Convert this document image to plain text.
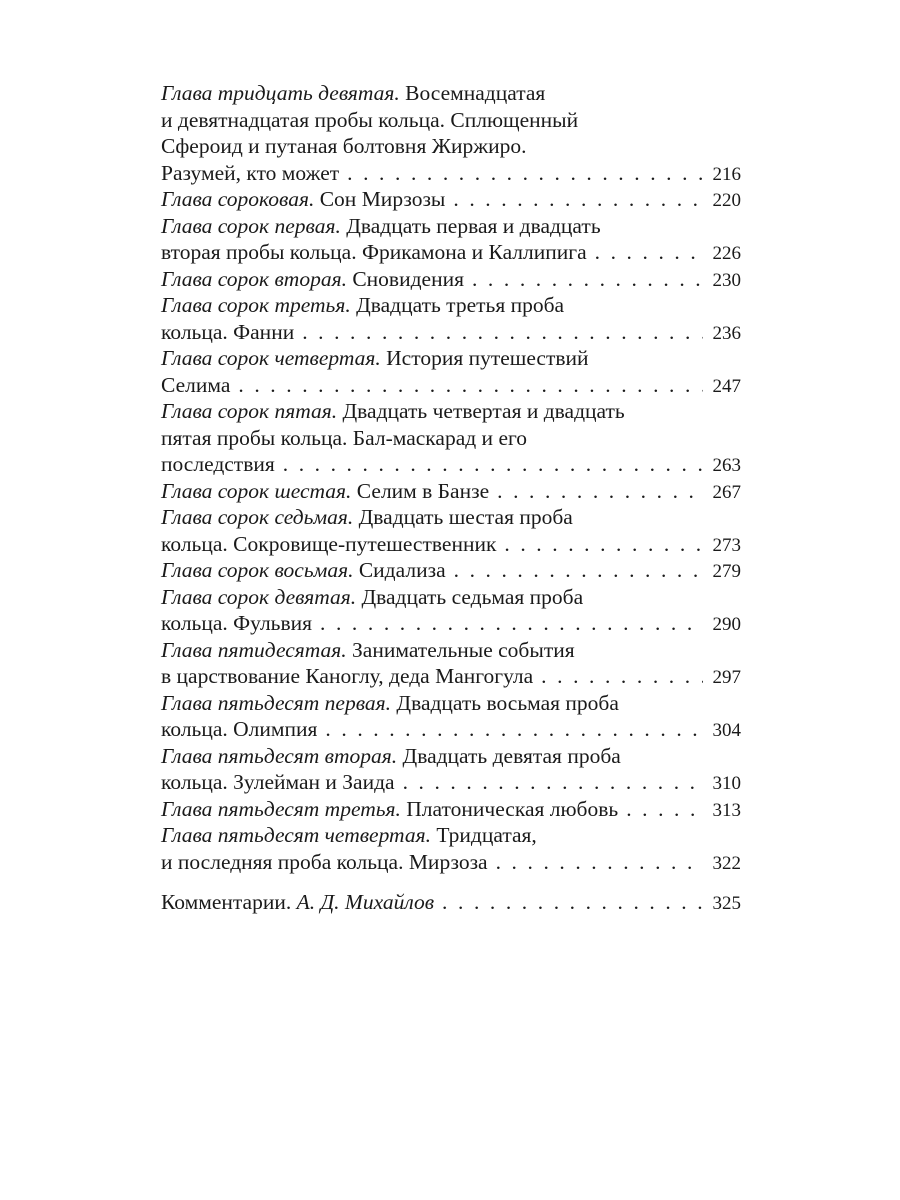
Глава тридцать девятая. Восемнадцатая
и девятнадцатая пробы кольца. Сплющенный
Сфероид и путаная болтовня Жиржиро.
Разумей, кто может . . .	216
Глава сороковая.
Сон Мирзозы . . .	220
Глава сорок первая. Двадцать первая и двадцать
вторая пробы кольца. Фрикамона и Каллипига . . .	226
Глава сорок вторая.
Сновидения . . .	230
Глава сорок третья. Двадцать третья проба
кольца. Фанни . . .	236
Глава сорок четвертая. История путешествий
Селима . . .	247
Глава сорок пятая. Двадцать четвертая и двадцать
пятая пробы кольца. Бал-маскарад и его
последствия . . .	263
Глава сорок шестая.
Селим в Банзе . . .	267
Глава сорок седьмая. Двадцать шестая проба
кольца. Сокровище-путешественник . . .	273
Глава сорок восьмая.
Сидализа . . .	279
Глава сорок девятая. Двадцать седьмая проба
кольца. Фульвия . . .	290
Глава пятидесятая. Занимательные события
в царствование Каноглу, деда Мангогула . . .	297
Глава пятьдесят первая. Двадцать восьмая проба
кольца. Олимпия . . .	304
Глава пятьдесят вторая. Двадцать девятая проба
кольца. Зулейман и Заида . . .	310
Глава пятьдесят третья.
Платоническая любовь . . .	313
Глава пятьдесят четвертая. Тридцатая,
и последняя проба кольца. Мирзоза . . .	322
Комментарии.
А. Д. Михайлов . . .	325
